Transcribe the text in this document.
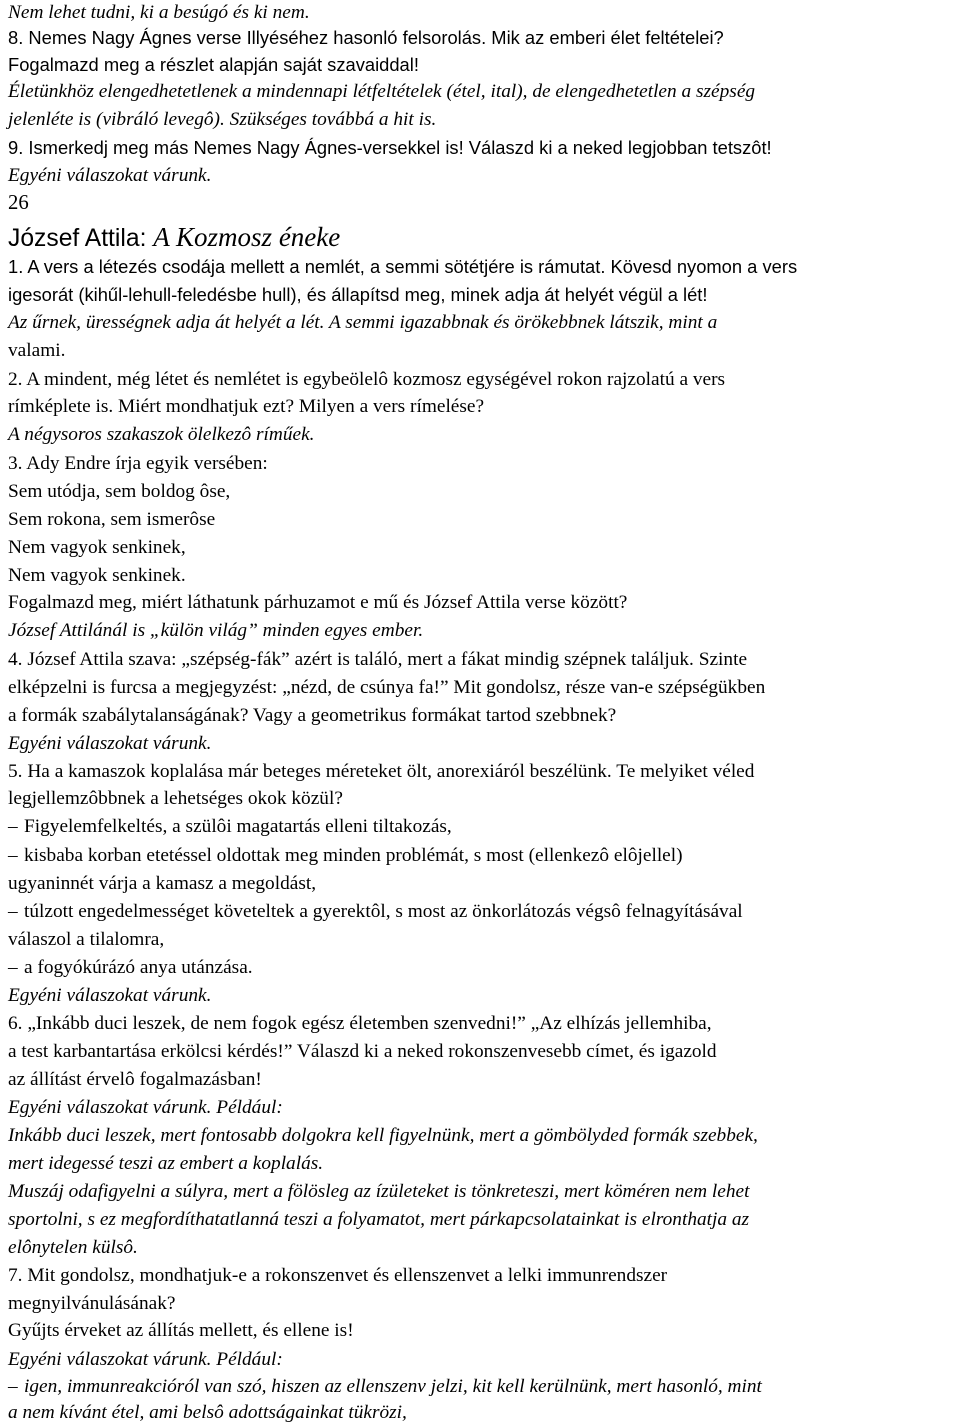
Nem lehet tudni, ki a besúgó és ki nem.
8. Nemes Nagy Ágnes verse Illyéséhez hasonló felsorolás. Mik az emberi élet feltételei?
Fogalmazd meg a részlet alapján saját szavaiddal!
Életünkhöz elengedhetetlenek a mindennapi létfeltételek (étel, ital), de elengedhetetlen a szépség
jelenléte is (vibráló levegô). Szükséges továbbá a hit is.
9. Ismerkedj meg más Nemes Nagy Ágnes-versekkel is! Válaszd ki a neked legjobban tetszôt!
Egyéni válaszokat várunk.
26
József Attila: A Kozmosz éneke
1. A vers a létezés csodája mellett a nemlét, a semmi sötétjére is rámutat. Kövesd nyomon a vers
igesorát (kihűl-lehull-feledésbe hull), és állapítsd meg, minek adja át helyét végül a lét!
Az űrnek, ürességnek adja át helyét a lét. A semmi igazabbnak és örökebbnek látszik, mint a
valami.
2. A mindent, még létet és nemlétet is egybeölelô kozmosz egységével rokon rajzolatú a vers
rímképlete is. Miért mondhatjuk ezt? Milyen a vers rímelése?
A négysoros szakaszok ölelkezô ríműek.
3. Ady Endre írja egyik versében:
Sem utódja, sem boldog ôse,
Sem rokona, sem ismerôse
Nem vagyok senkinek,
Nem vagyok senkinek.
Fogalmazd meg, miért láthatunk párhuzamot e mű és József Attila verse között?
József Attilánál is „külön világ” minden egyes ember.
4. József Attila szava: „szépség-fák” azért is találó, mert a fákat mindig szépnek találjuk. Szinte
elképzelni is furcsa a megjegyzést: „nézd, de csúnya fa!” Mit gondolsz, része van-e szépségükben
a formák szabálytalanságának? Vagy a geometrikus formákat tartod szebbnek?
Egyéni válaszokat várunk.
5. Ha a kamaszok koplalása már beteges méreteket ölt, anorexiáról beszélünk. Te melyiket véled
legjellemzôbbnek a lehetséges okok közül?
– Figyelemfelkeltés, a szülôi magatartás elleni tiltakozás,
– kisbaba korban etetéssel oldottak meg minden problémát, s most (ellenkezô elôjellel)
ugyaninnét várja a kamasz a megoldást,
– túlzott engedelmességet követeltek a gyerektôl, s most az önkorlátozás végsô felnagyításával
válaszol a tilalomra,
– a fogyókúrázó anya utánzása.
Egyéni válaszokat várunk.
6. „Inkább duci leszek, de nem fogok egész életemben szenvedni!” „Az elhízás jellemhiba,
a test karbantartása erkölcsi kérdés!” Válaszd ki a neked rokonszenvesebb címet, és igazold
az állítást érvelô fogalmazásban!
Egyéni válaszokat várunk. Például:
Inkább duci leszek, mert fontosabb dolgokra kell figyelnünk, mert a gömbölyded formák szebbek,
mert idegessé teszi az embert a koplalás.
Muszáj odafigyelni a súlyra, mert a fölösleg az ízületeket is tönkreteszi, mert köméren nem lehet
sportolni, s ez megfordíthatatlanná teszi a folyamatot, mert párkapcsolatainkat is elronthatja az
elônytelen külsô.
7. Mit gondolsz, mondhatjuk-e a rokonszenvet és ellenszenvet a lelki immunrendszer
megnyilvánulásának?
Gyűjts érveket az állítás mellett, és ellene is!
Egyéni válaszokat várunk. Például:
– igen, immunreakcióról van szó, hiszen az ellenszenv jelzi, kit kell kerülnünk, mert hasonló, mint
a nem kívánt étel, ami belsô adottságainkat tükrözi,
